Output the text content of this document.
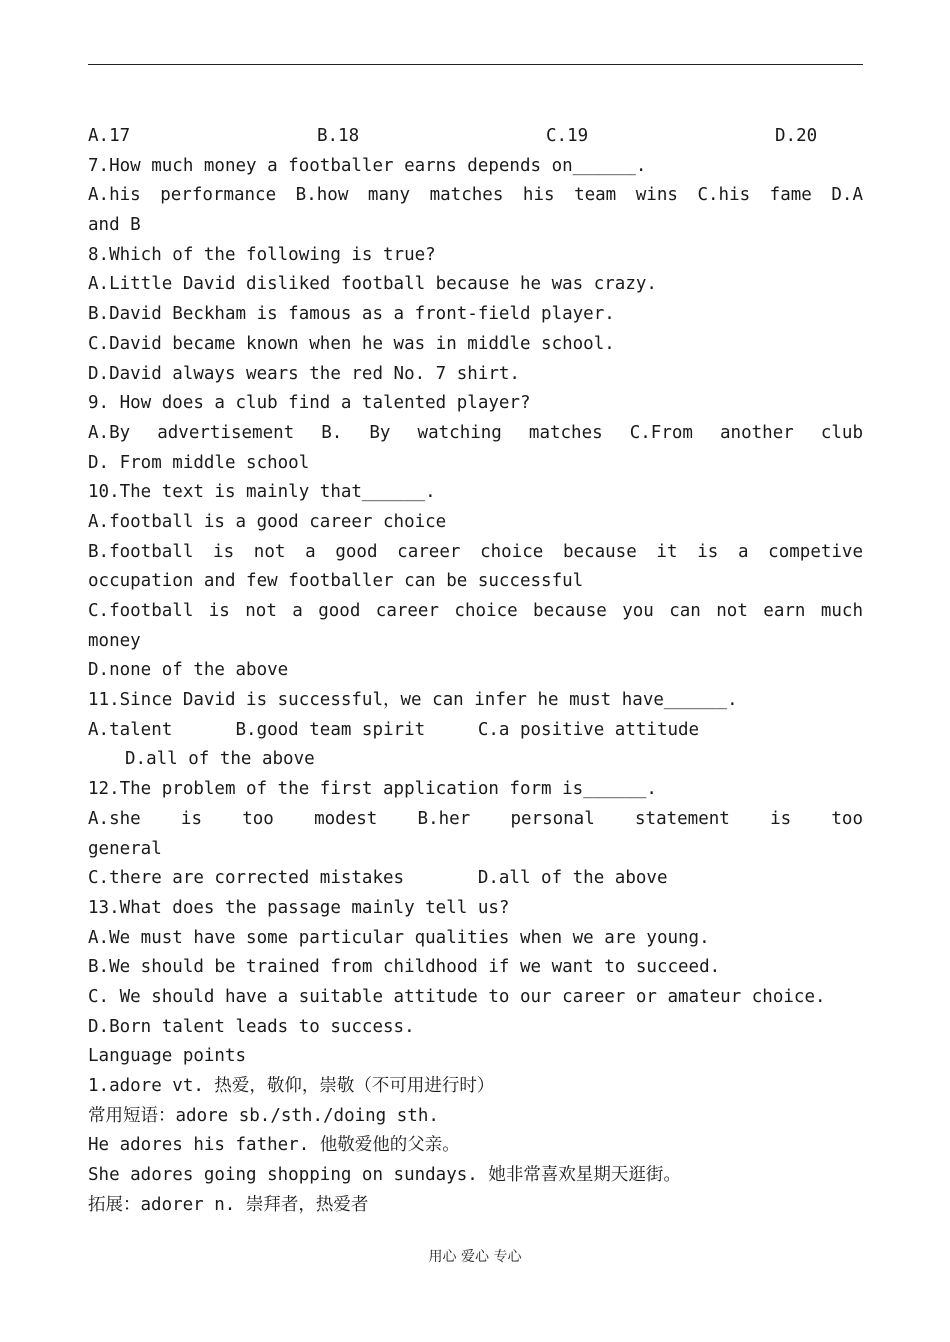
A.17	B.18	C.19	D.20
7.How much money a footballer earns depends on______.
A.his performance B.how many matches his team wins C.his fame D.A
and B
8.Which of the following is true?
A.Little David disliked football because he was crazy.
B.David Beckham is famous as a front-field player.
C.David became known when he was in middle school.
D.David always wears the red No. 7 shirt.
9. How does a club find a talented player?
A.By advertisement B. By watching matches C.From another club
D. From middle school
10.The text is mainly that______.
A.football is a good career choice
B.football is not a good career choice because it is a competive
occupation and few footballer can be successful
C.football is not a good career choice because you can not earn much
money
D.none of the above
11.Since David is successful，we can infer he must have______.
A.talent      B.good team spirit     C.a positive attitude
D.all of the above
12.The problem of the first application form is______.
A.she is too modest B.her personal statement is too
general
C.there are corrected mistakes       D.all of the above
13.What does the passage mainly tell us?
A.We must have some particular qualities when we are young.
B.We should be trained from childhood if we want to succeed.
C. We should have a suitable attitude to our career or amateur choice.
D.Born talent leads to success.
Language points
1.adore vt. 热爱，敬仰，崇敬（不可用进行时）
常用短语：adore sb./sth./doing sth.
He adores his father. 他敬爱他的父亲。
She adores going shopping on sundays. 她非常喜欢星期天逛街。
拓展：adorer n. 崇拜者，热爱者
用心 爱心 专心
